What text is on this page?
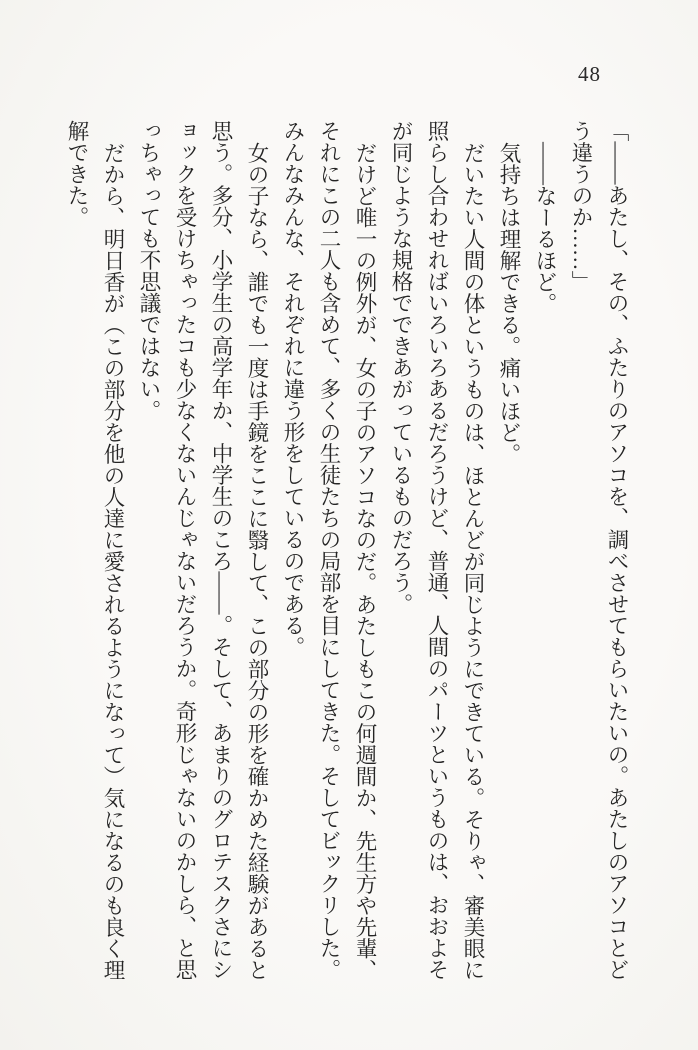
48

「――あたし、その、ふたりのアソコを、調べさせてもらいたいの。あたしのアソコとどう違うのか……」

――なーるほど。

気持ちは理解できる。痛いほど。

だいたい人間の体というものは、ほとんどが同じようにできている。そりゃ、審美眼に照らし合わせればいろいろあるだろうけど、普通、人間のパーツというものは、おおよそが同じような規格でできあがっているものだろう。

だけど唯一の例外が、女の子のアソコなのだ。あたしもこの何週間か、先生方や先輩、それにこの二人も含めて、多くの生徒たちの局部を目にしてきた。そしてビックリした。みんなみんな、それぞれに違う形をしているのである。

女の子なら、誰でも一度は手鏡をここに翳して、この部分の形を確かめた経験があると思う。多分、小学生の高学年か、中学生のころ――。そして、あまりのグロテスクさにショックを受けちゃったコも少なくないんじゃないだろうか。奇形じゃないのかしら、と思っちゃっても不思議ではない。

だから、明日香が（この部分を他の人達に愛されるようになって）気になるのも良く理解できた。
